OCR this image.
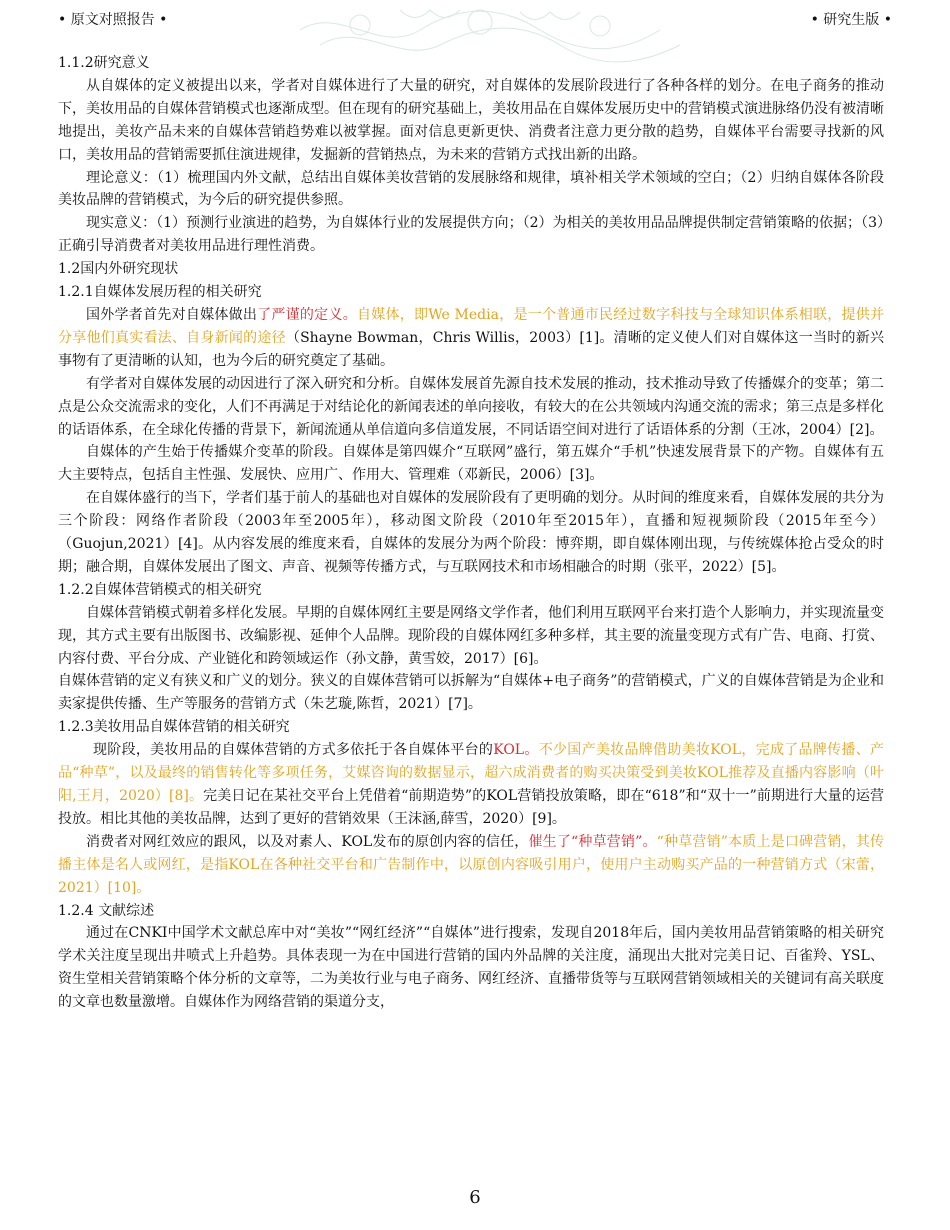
• 原文对照报告 •	• 研究生版 •

1.1.2研究意义

从自媒体的定义被提出以来，学者对自媒体进行了大量的研究，对自媒体的发展阶段进行了各种各样的划分。在电子商务的推动下，美妆用品的自媒体营销模式也逐渐成型。但在现有的研究基础上，美妆用品在自媒体发展历史中的营销模式演进脉络仍没有被清晰地提出，美妆产品未来的自媒体营销趋势难以被掌握。面对信息更新更快、消费者注意力更分散的趋势，自媒体平台需要寻找新的风口，美妆用品的营销需要抓住演进规律，发掘新的营销热点，为未来的营销方式找出新的出路。

理论意义：（1）梳理国内外文献，总结出自媒体美妆营销的发展脉络和规律，填补相关学术领域的空白；（2）归纳自媒体各阶段美妆品牌的营销模式，为今后的研究提供参照。

现实意义：（1）预测行业演进的趋势，为自媒体行业的发展提供方向；（2）为相关的美妆用品品牌提供制定营销策略的依据；（3）正确引导消费者对美妆用品进行理性消费。

1.2国内外研究现状

1.2.1自媒体发展历程的相关研究

国外学者首先对自媒体做出了严谨的定义。自媒体，即We Media，是一个普通市民经过数字科技与全球知识体系相联，提供并分享他们真实看法、自身新闻的途径（Shayne Bowman，Chris Willis，2003）[1]。清晰的定义使人们对自媒体这一当时的新兴事物有了更清晰的认知，也为今后的研究奠定了基础。

有学者对自媒体发展的动因进行了深入研究和分析。自媒体发展首先源自技术发展的推动，技术推动导致了传播媒介的变革；第二点是公众交流需求的变化，人们不再满足于对结论化的新闻表述的单向接收，有较大的在公共领域内沟通交流的需求；第三点是多样化的话语体系，在全球化传播的背景下，新闻流通从单信道向多信道发展，不同话语空间对进行了话语体系的分割（王冰，2004）[2]。

自媒体的产生始于传播媒介变革的阶段。自媒体是第四媒介“互联网”盛行，第五媒介“手机”快速发展背景下的产物。自媒体有五大主要特点，包括自主性强、发展快、应用广、作用大、管理难（邓新民，2006）[3]。

在自媒体盛行的当下，学者们基于前人的基础也对自媒体的发展阶段有了更明确的划分。从时间的维度来看，自媒体发展的共分为三个阶段：网络作者阶段（2003年至2005年），移动图文阶段（2010年至2015年），直播和短视频阶段（2015年至今）（Guojun,2021）[4]。从内容发展的维度来看，自媒体的发展分为两个阶段：博弈期，即自媒体刚出现，与传统媒体抢占受众的时期；融合期，自媒体发展出了图文、声音、视频等传播方式，与互联网技术和市场相融合的时期（张平，2022）[5]。

1.2.2自媒体营销模式的相关研究

自媒体营销模式朝着多样化发展。早期的自媒体网红主要是网络文学作者，他们利用互联网平台来打造个人影响力，并实现流量变现，其方式主要有出版图书、改编影视、延伸个人品牌。现阶段的自媒体网红多种多样，其主要的流量变现方式有广告、电商、打赏、内容付费、平台分成、产业链化和跨领域运作（孙文静，黄雪姣，2017）[6]。

自媒体营销的定义有狭义和广义的划分。狭义的自媒体营销可以拆解为“自媒体+电子商务”的营销模式，广义的自媒体营销是为企业和卖家提供传播、生产等服务的营销方式（朱艺璇,陈哲，2021）[7]。

1.2.3美妆用品自媒体营销的相关研究

现阶段，美妆用品的自媒体营销的方式多依托于各自媒体平台的KOL。不少国产美妆品牌借助美妆KOL，完成了品牌传播、产品“种草”，以及最终的销售转化等多项任务，艾媒咨询的数据显示，超六成消费者的购买决策受到美妆KOL推荐及直播内容影响（叶阳,王月，2020）[8]。完美日记在某社交平台上凭借着“前期造势”的KOL营销投放策略，即在“618”和“双十一”前期进行大量的运营投放。相比其他的美妆品牌，达到了更好的营销效果（王沫涵,薛雪，2020）[9]。

消费者对网红效应的跟风，以及对素人、KOL发布的原创内容的信任，催生了“种草营销”。“种草营销”本质上是口碑营销，其传播主体是名人或网红，是指KOL在各种社交平台和广告制作中，以原创内容吸引用户，使用户主动购买产品的一种营销方式（宋蕾，2021）[10]。

1.2.4 文献综述

通过在CNKI中国学术文献总库中对“美妆”“网红经济”“自媒体”进行搜索，发现自2018年后，国内美妆用品营销策略的相关研究学术关注度呈现出井喷式上升趋势。具体表现一为在中国进行营销的国内外品牌的关注度，涌现出大批对完美日记、百雀羚、YSL、资生堂相关营销策略个体分析的文章等，二为美妆行业与电子商务、网红经济、直播带货等与互联网营销领域相关的关键词有高关联度的文章也数量激增。自媒体作为网络营销的渠道分支，

6
